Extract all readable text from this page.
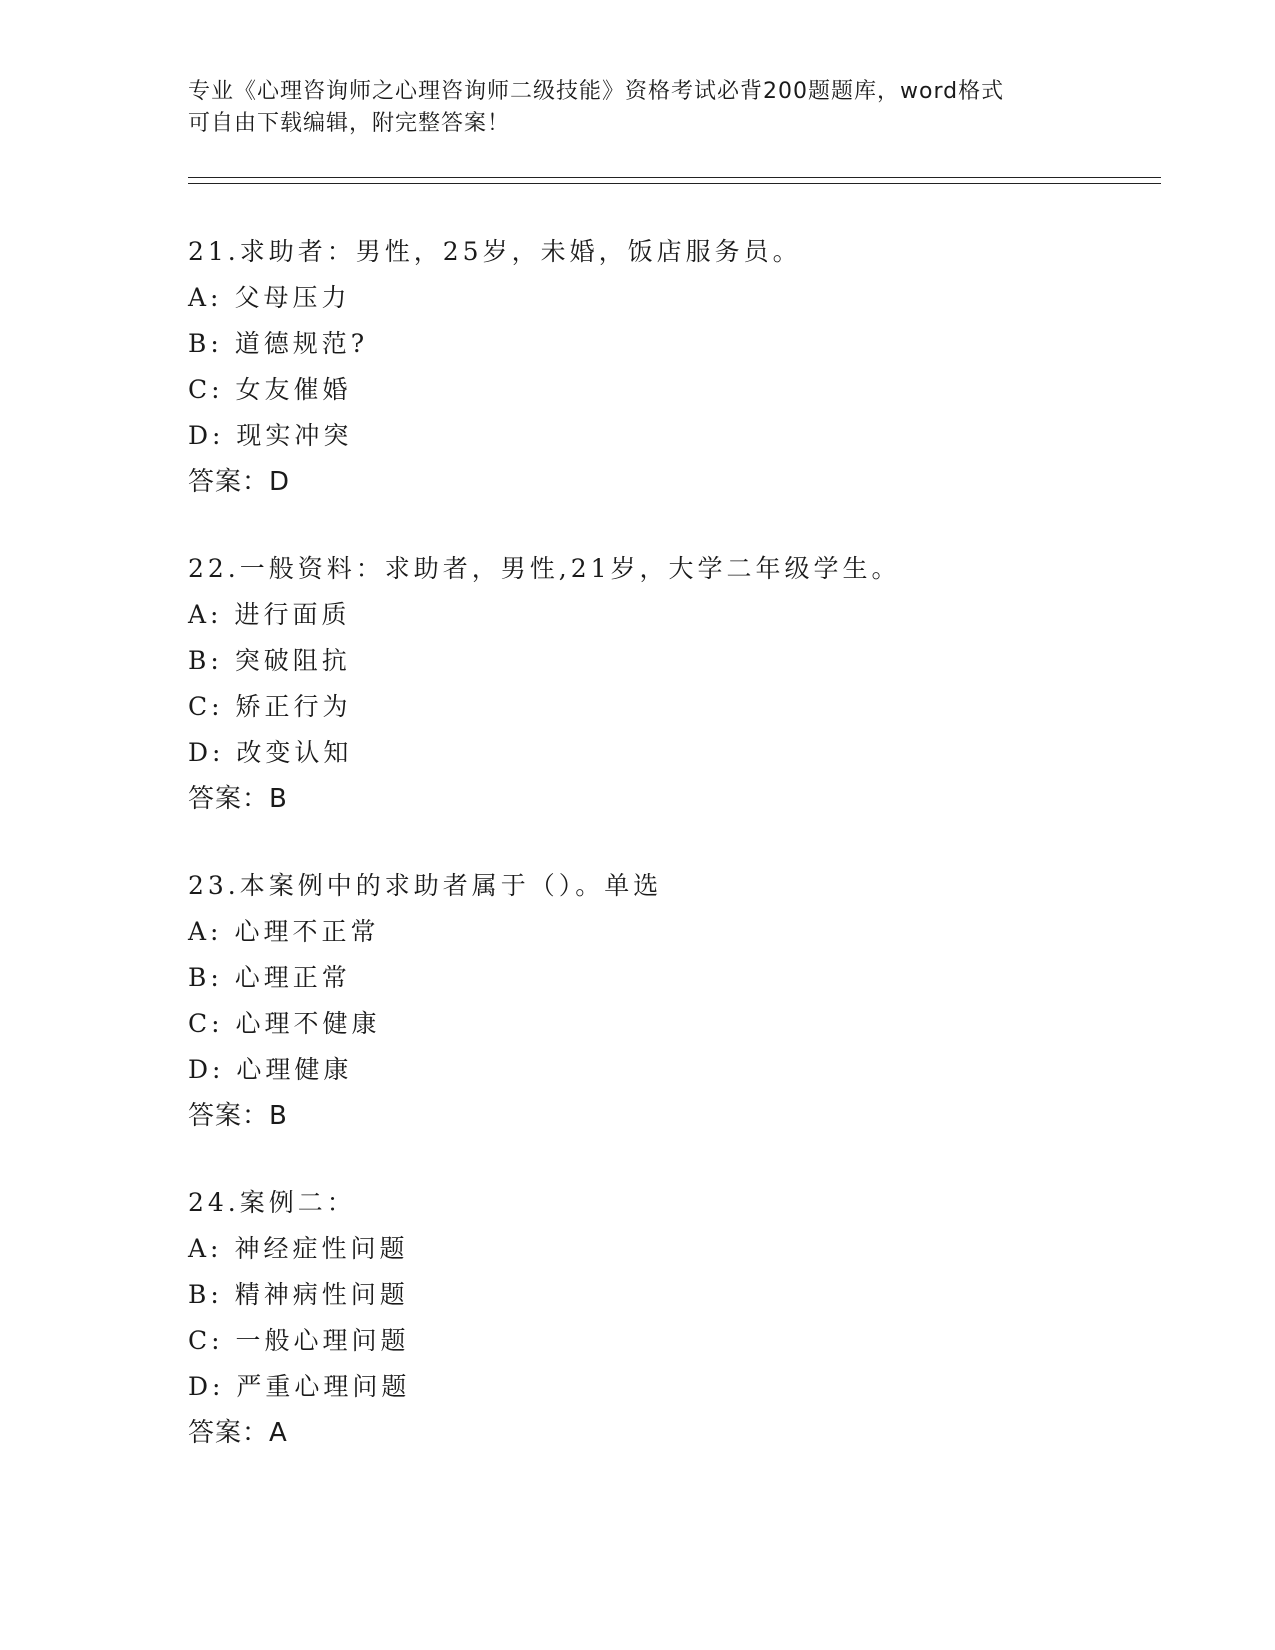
专业《心理咨询师之心理咨询师二级技能》资格考试必背200题题库，word格式
可自由下载编辑，附完整答案！
21.求助者：男性，25岁，未婚，饭店服务员。
A: 父母压力
B: 道德规范?
C: 女友催婚
D: 现实冲突
答案：D
22.一般资料：求助者，男性,21岁，大学二年级学生。
A: 进行面质
B: 突破阻抗
C: 矫正行为
D: 改变认知
答案：B
23.本案例中的求助者属于（）。单选
A: 心理不正常
B: 心理正常
C: 心理不健康
D: 心理健康
答案：B
24.案例二：
A: 神经症性问题
B: 精神病性问题
C: 一般心理问题
D: 严重心理问题
答案：A
